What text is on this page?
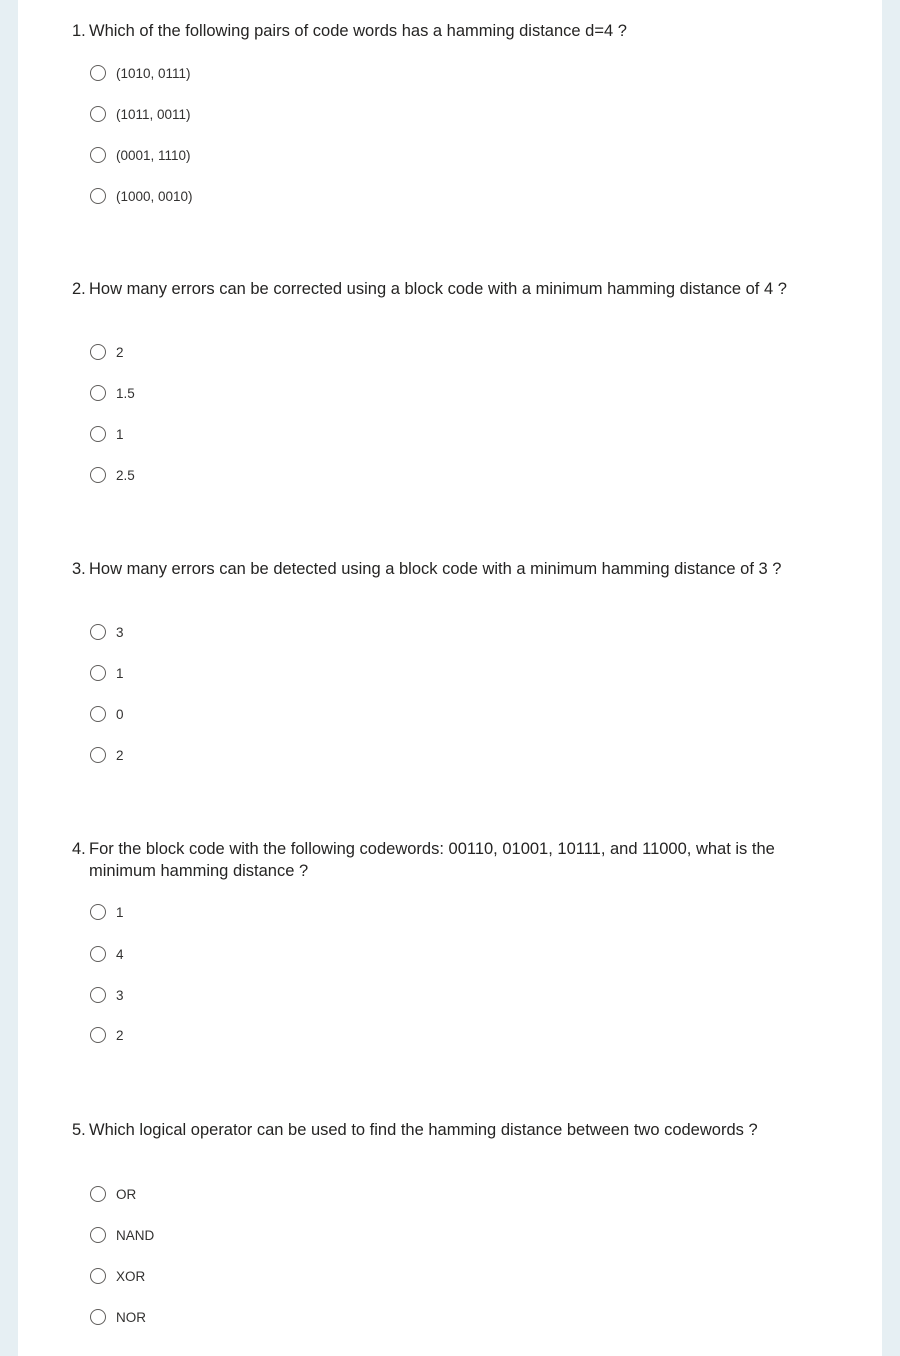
1. Which of the following pairs of code words has a hamming distance d=4 ?
(1010, 0111)
(1011, 0011)
(0001, 1110)
(1000, 0010)
2. How many errors can be corrected using a block code with a minimum hamming distance of 4 ?
2
1.5
1
2.5
3. How many errors can be detected using a block code with a minimum hamming distance of 3 ?
3
1
0
2
4. For the block code with the following codewords: 00110, 01001, 10111, and 11000, what is the minimum hamming distance ?
1
4
3
2
5. Which logical operator can be used to find the hamming distance between two codewords ?
OR
NAND
XOR
NOR
